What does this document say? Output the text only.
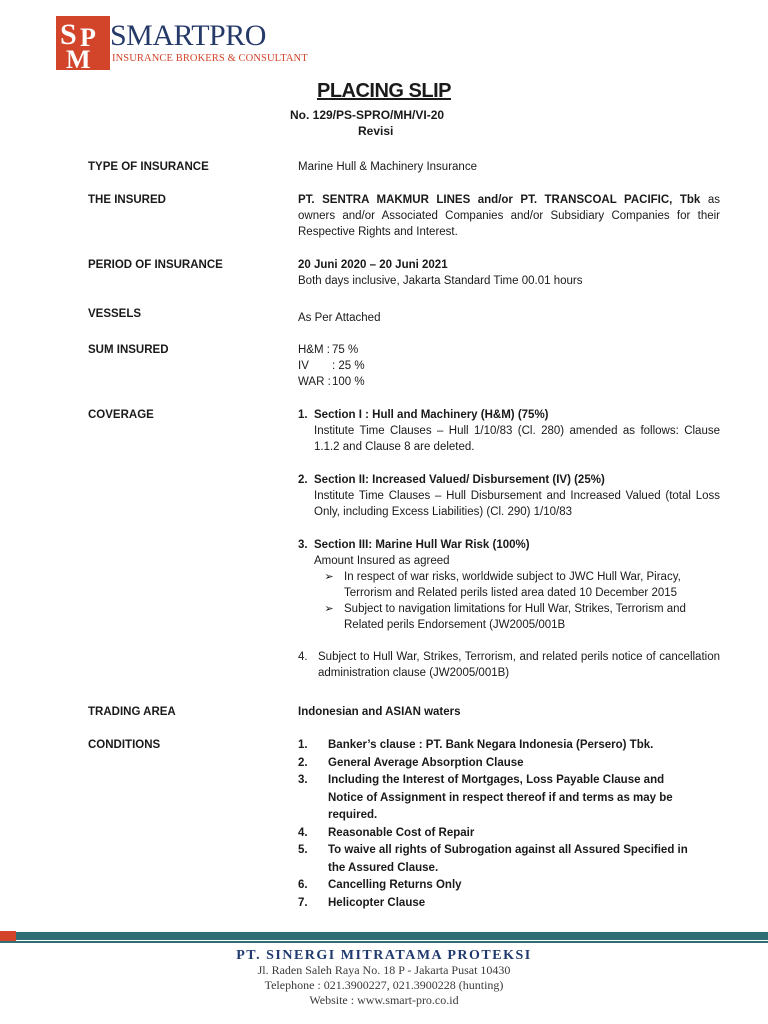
S P
M
SMARTPRO
INSURANCE BROKERS & CONSULTANT
PLACING SLIP
No. 129/PS-SPRO/MH/VI-20
Revisi
TYPE OF INSURANCE	Marine Hull & Machinery Insurance
THE INSURED	PT. SENTRA MAKMUR LINES and/or PT. TRANSCOAL PACIFIC, Tbk as owners and/or Associated Companies and/or Subsidiary Companies for their Respective Rights and Interest.
PERIOD OF INSURANCE	20 Juni 2020 – 20 Juni 2021
Both days inclusive, Jakarta Standard Time 00.01 hours
VESSELS	As Per Attached
SUM INSURED	H&M : 75 %
IV	: 25 %
WAR : 100 %
COVERAGE	1. Section I : Hull and Machinery (H&M) (75%)
Institute Time Clauses – Hull 1/10/83 (Cl. 280) amended as follows: Clause 1.1.2 and Clause 8 are deleted.
2. Section II: Increased Valued/ Disbursement (IV) (25%)
Institute Time Clauses – Hull Disbursement and Increased Valued (total Loss Only, including Excess Liabilities) (Cl. 290) 1/10/83
3. Section III: Marine Hull War Risk (100%)
Amount Insured as agreed
➢ In respect of war risks, worldwide subject to JWC Hull War, Piracy, Terrorism and Related perils listed area dated 10 December 2015
➢ Subject to navigation limitations for Hull War, Strikes, Terrorism and Related perils Endorsement (JW2005/001B
4. Subject to Hull War, Strikes, Terrorism, and related perils notice of cancellation administration clause (JW2005/001B)
TRADING AREA	Indonesian and ASIAN waters
CONDITIONS	1.	Banker’s clause : PT. Bank Negara Indonesia (Persero) Tbk.
2.	General Average Absorption Clause
3.	Including the Interest of Mortgages, Loss Payable Clause and Notice of Assignment in respect thereof if and terms as may be required.
4.	Reasonable Cost of Repair
5.	To waive all rights of Subrogation against all Assured Specified in the Assured Clause.
6.	Cancelling Returns Only
7.	Helicopter Clause
PT. SINERGI MITRATAMA PROTEKSI
Jl. Raden Saleh Raya No. 18 P - Jakarta Pusat 10430
Telephone : 021.3900227, 021.3900228 (hunting)
Website : www.smart-pro.co.id
